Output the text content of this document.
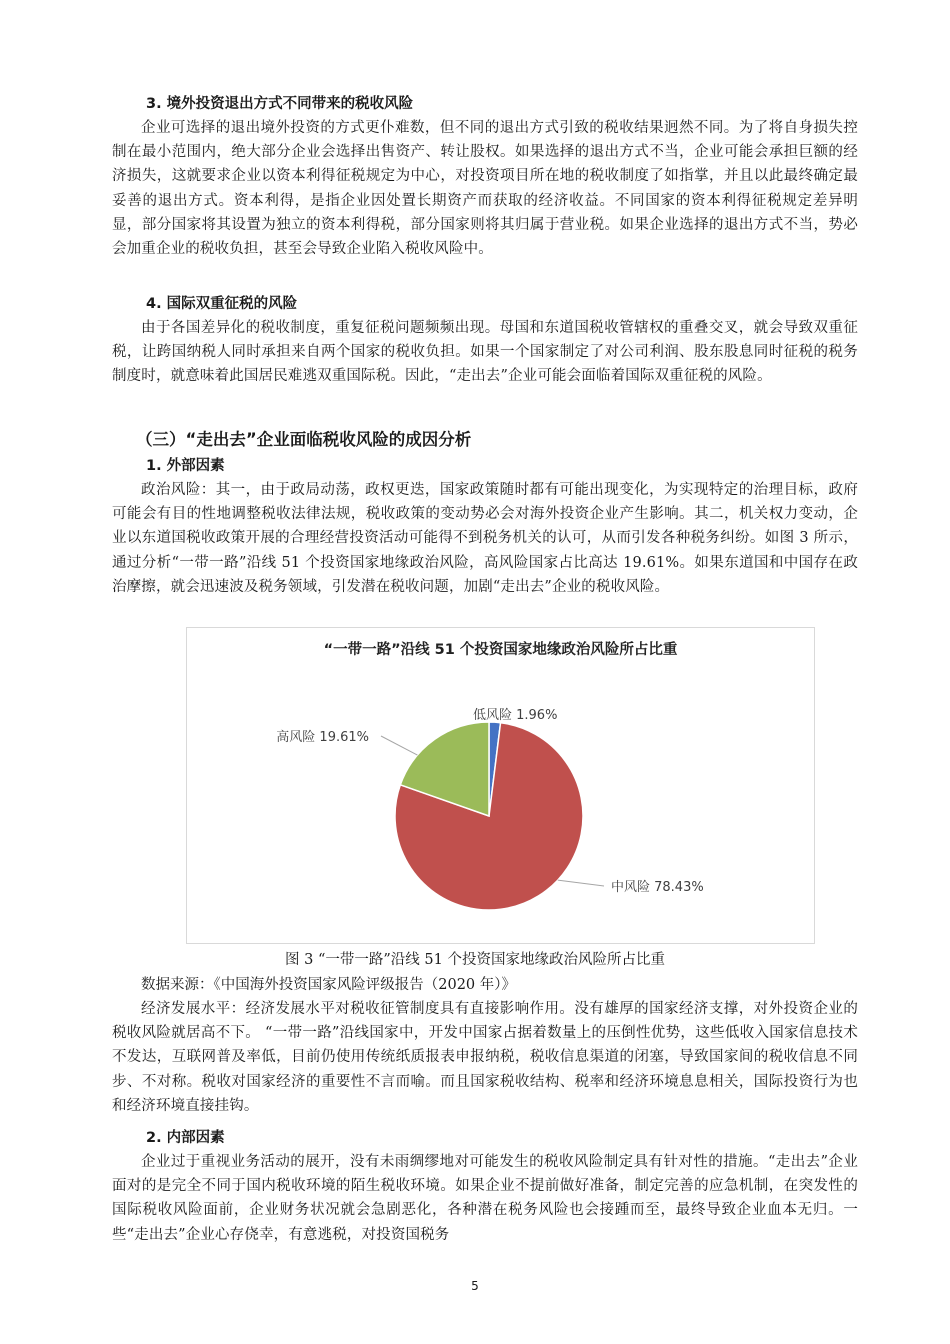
3. 境外投资退出方式不同带来的税收风险

企业可选择的退出境外投资的方式更仆难数，但不同的退出方式引致的税收结果迥然不同。为了将自身损失控制在最小范围内，绝大部分企业会选择出售资产、转让股权。如果选择的退出方式不当，企业可能会承担巨额的经济损失，这就要求企业以资本利得征税规定为中心，对投资项目所在地的税收制度了如指掌，并且以此最终确定最妥善的退出方式。资本利得，是指企业因处置长期资产而获取的经济收益。不同国家的资本利得征税规定差异明显，部分国家将其设置为独立的资本利得税，部分国家则将其归属于营业税。如果企业选择的退出方式不当，势必会加重企业的税收负担，甚至会导致企业陷入税收风险中。

4. 国际双重征税的风险

由于各国差异化的税收制度，重复征税问题频频出现。母国和东道国税收管辖权的重叠交叉，就会导致双重征税，让跨国纳税人同时承担来自两个国家的税收负担。如果一个国家制定了对公司利润、股东股息同时征税的税务制度时，就意味着此国居民难逃双重国际税。因此，“走出去”企业可能会面临着国际双重征税的风险。

（三）“走出去”企业面临税收风险的成因分析
1. 外部因素

政治风险：其一，由于政局动荡，政权更迭，国家政策随时都有可能出现变化，为实现特定的治理目标，政府可能会有目的性地调整税收法律法规，税收政策的变动势必会对海外投资企业产生影响。其二，机关权力变动，企业以东道国税收政策开展的合理经营投资活动可能得不到税务机关的认可，从而引发各种税务纠纷。如图 3 所示，通过分析“一带一路”沿线 51 个投资国家地缘政治风险，高风险国家占比高达 19.61%。如果东道国和中国存在政治摩擦，就会迅速波及税务领域，引发潜在税收问题，加剧“走出去”企业的税收风险。

“一带一路”沿线 51 个投资国家地缘政治风险所占比重
低风险 1.96%
中风险 78.43%
高风险 19.61%
图 3 “一带一路”沿线 51 个投资国家地缘政治风险所占比重

数据来源：《中国海外投资国家风险评级报告（2020 年）》

经济发展水平：经济发展水平对税收征管制度具有直接影响作用。没有雄厚的国家经济支撑，对外投资企业的税收风险就居高不下。 “一带一路”沿线国家中，开发中国家占据着数量上的压倒性优势，这些低收入国家信息技术不发达，互联网普及率低，目前仍使用传统纸质报表申报纳税，税收信息渠道的闭塞，导致国家间的税收信息不同步、不对称。税收对国家经济的重要性不言而喻。而且国家税收结构、税率和经济环境息息相关，国际投资行为也和经济环境直接挂钩。

2. 内部因素

企业过于重视业务活动的展开，没有未雨绸缪地对可能发生的税收风险制定具有针对性的措施。“走出去”企业面对的是完全不同于国内税收环境的陌生税收环境。如果企业不提前做好准备，制定完善的应急机制，在突发性的国际税收风险面前，企业财务状况就会急剧恶化，各种潜在税务风险也会接踵而至，最终导致企业血本无归。一些“走出去”企业心存侥幸，有意逃税，对投资国税务

5
